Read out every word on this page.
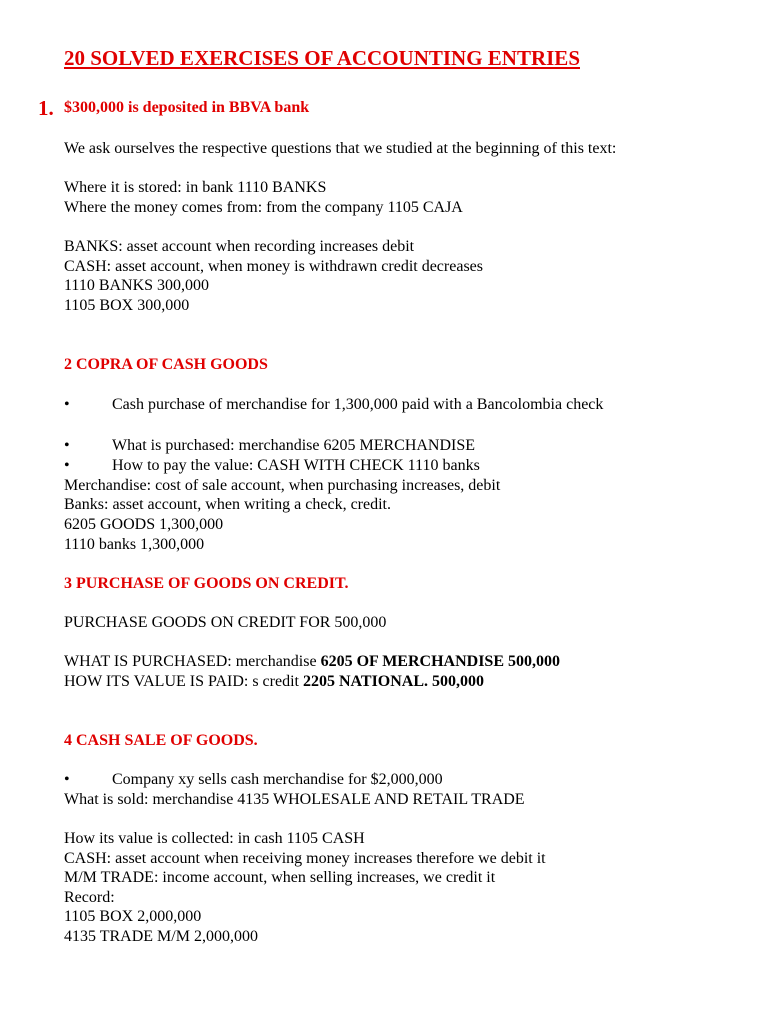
20 SOLVED EXERCISES OF ACCOUNTING ENTRIES
1. $300,000 is deposited in BBVA bank
We ask ourselves the respective questions that we studied at the beginning of this text:
Where it is stored: in bank 1110 BANKS
Where the money comes from: from the company 1105 CAJA
BANKS: asset account when recording increases debit
CASH: asset account, when money is withdrawn credit decreases
1110 BANKS 300,000
1105 BOX 300,000
2 COPRA OF CASH GOODS
•	Cash purchase of merchandise for 1,300,000 paid with a Bancolombia check
•	What is purchased: merchandise 6205 MERCHANDISE
•	How to pay the value: CASH WITH CHECK 1110 banks
Merchandise: cost of sale account, when purchasing increases, debit
Banks: asset account, when writing a check, credit.
6205 GOODS 1,300,000
1110 banks 1,300,000
3 PURCHASE OF GOODS ON CREDIT.
PURCHASE GOODS ON CREDIT FOR 500,000
WHAT IS PURCHASED: merchandise 6205 OF MERCHANDISE 500,000
HOW ITS VALUE IS PAID: s credit 2205 NATIONAL. 500,000
4 CASH SALE OF GOODS.
•	Company xy sells cash merchandise for $2,000,000
What is sold: merchandise 4135 WHOLESALE AND RETAIL TRADE
How its value is collected: in cash 1105 CASH
CASH: asset account when receiving money increases therefore we debit it
M/M TRADE: income account, when selling increases, we credit it
Record:
1105 BOX 2,000,000
4135 TRADE M/M 2,000,000
